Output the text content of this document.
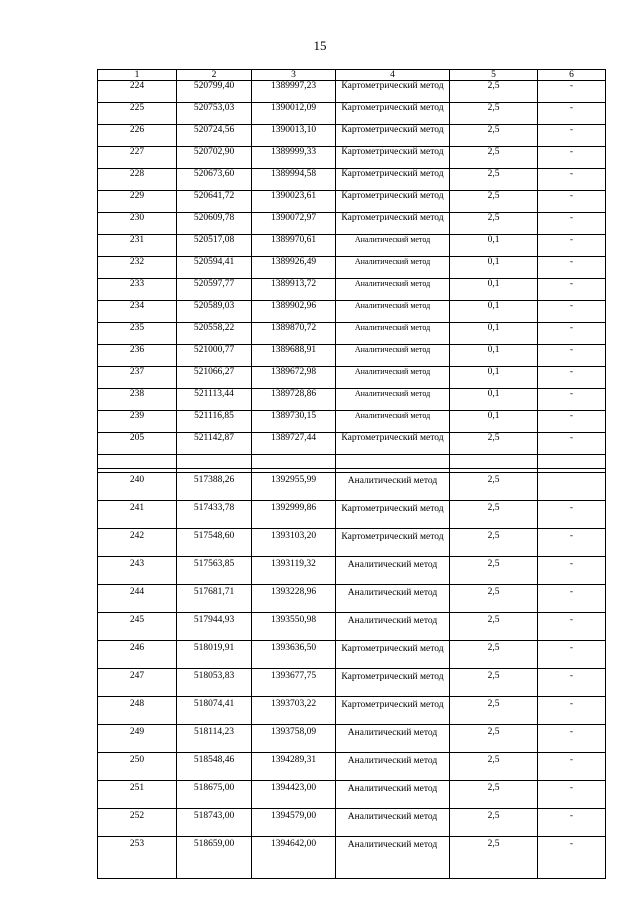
15
1	2	3	4	5	6
224	520799,40	1389997,23	Картометрический метод	2,5	-
225	520753,03	1390012,09	Картометрический метод	2,5	-
226	520724,56	1390013,10	Картометрический метод	2,5	-
227	520702,90	1389999,33	Картометрический метод	2,5	-
228	520673,60	1389994,58	Картометрический метод	2,5	-
229	520641,72	1390023,61	Картометрический метод	2,5	-
230	520609,78	1390072,97	Картометрический метод	2,5	-
231	520517,08	1389970,61	Аналитический метод	0,1	-
232	520594,41	1389926,49	Аналитический метод	0,1	-
233	520597,77	1389913,72	Аналитический метод	0,1	-
234	520589,03	1389902,96	Аналитический метод	0,1	-
235	520558,22	1389870,72	Аналитический метод	0,1	-
236	521000,77	1389688,91	Аналитический метод	0,1	-
237	521066,27	1389672,98	Аналитический метод	0,1	-
238	521113,44	1389728,86	Аналитический метод	0,1	-
239	521116,85	1389730,15	Аналитический метод	0,1	-
205	521142,87	1389727,44	Картометрический метод	2,5	-

240	517388,26	1392955,99	Аналитический метод	2,5	
241	517433,78	1392999,86	Картометрический метод	2,5	-
242	517548,60	1393103,20	Картометрический метод	2,5	-
243	517563,85	1393119,32	Аналитический метод	2,5	-
244	517681,71	1393228,96	Аналитический метод	2,5	-
245	517944,93	1393550,98	Аналитический метод	2,5	-
246	518019,91	1393636,50	Картометрический метод	2,5	-
247	518053,83	1393677,75	Картометрический метод	2,5	-
248	518074,41	1393703,22	Картометрический метод	2,5	-
249	518114,23	1393758,09	Аналитический метод	2,5	-
250	518548,46	1394289,31	Аналитический метод	2,5	-
251	518675,00	1394423,00	Аналитический метод	2,5	-
252	518743,00	1394579,00	Аналитический метод	2,5	-
253	518659,00	1394642,00	Аналитический метод	2,5	-
